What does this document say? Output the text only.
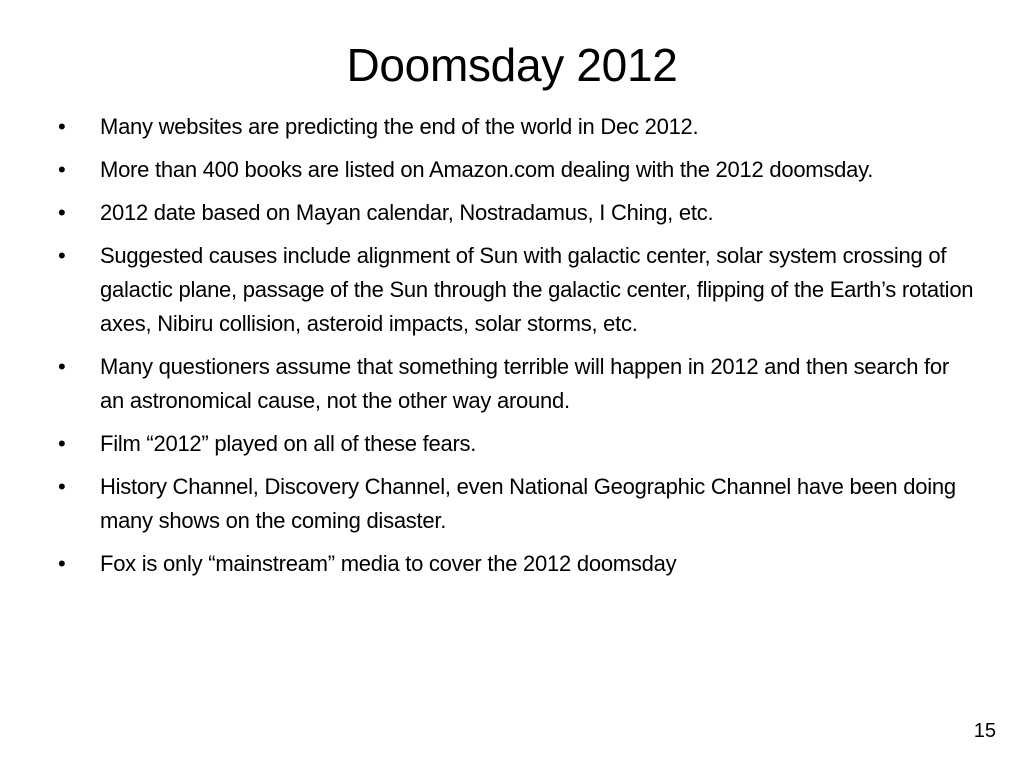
Doomsday 2012
•	Many websites are predicting the end of the world in Dec 2012.
•	More than 400 books are listed on Amazon.com dealing with the 2012 doomsday.
•	2012 date based on Mayan calendar, Nostradamus, I Ching, etc.
•	Suggested causes include alignment of Sun with galactic center, solar system crossing of galactic plane, passage of the Sun through the galactic center, flipping of the Earth’s rotation axes, Nibiru collision, asteroid impacts, solar storms, etc.
•	Many questioners assume that something terrible will happen in 2012 and then search for an astronomical cause, not the other way around.
•	Film “2012” played on all of these fears.
•	History Channel, Discovery Channel, even National Geographic Channel have been doing many shows on the coming disaster.
•	Fox is only “mainstream” media to cover the 2012 doomsday
15
